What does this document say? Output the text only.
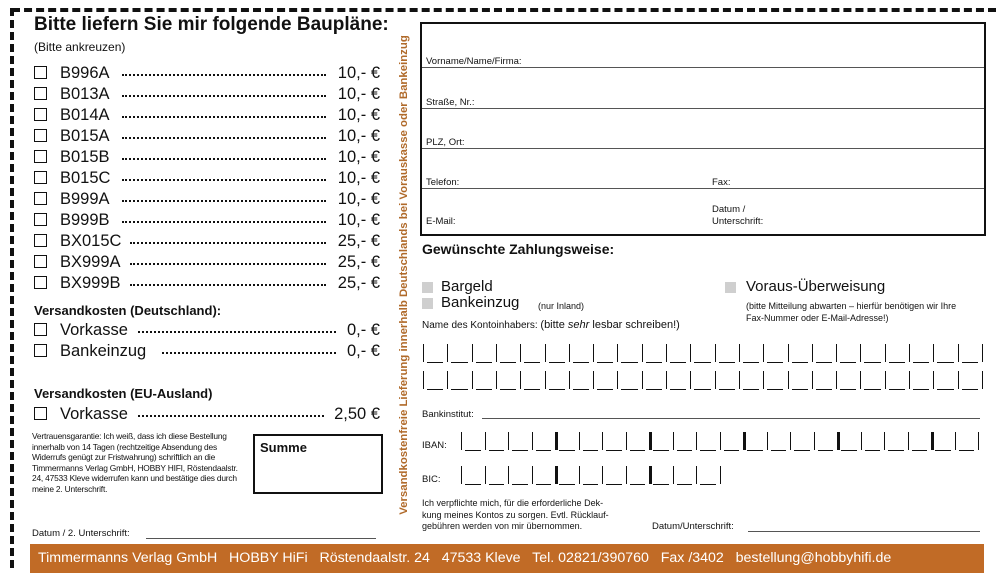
Bitte liefern Sie mir folgende Baupläne:
(Bitte ankreuzen)
B996A	10,- €
B013A	10,- €
B014A	10,- €
B015A	10,- €
B015B	10,- €
B015C	10,- €
B999A	10,- €
B999B	10,- €
BX015C	25,- €
BX999A	25,- €
BX999B	25,- €
Versandkosten (Deutschland):
Vorkasse	0,- €
Bankeinzug	0,- €
Versandkosten (EU-Ausland)
Vorkasse	2,50 €
Vertrauensgarantie: Ich weiß, dass ich diese Bestellung innerhalb von 14 Tagen (rechtzeitige Absendung des Widerrufs genügt zur Fristwahrung) schriftlich an die Timmermanns Verlag GmbH, HOBBY HIFI, Röstendaalstr. 24, 47533 Kleve widerrufen kann und bestätige dies durch meine 2. Unterschrift.
Summe
Datum / 2. Unterschrift:
Versandkostenfreie Lieferung innerhalb Deutschlands bei Vorauskasse oder Bankeinzug Vorname/Name/Firma:
Straße, Nr.:
PLZ, Ort:
Telefon:	Fax:
E-Mail:
Datum /
Unterschrift:
Gewünschte Zahlungsweise:
Bargeld
Bankeinzug (nur Inland)
Voraus-Überweisung
(bitte Mitteilung abwarten – hierfür benötigen wir Ihre
Fax-Nummer oder E-Mail-Adresse!)
Name des Kontoinhabers: (bitte sehr lesbar schreiben!)
Bankinstitut:
IBAN:
BIC:
Ich verpflichte mich, für die erforderliche Dek-
kung meines Kontos zu sorgen. Evtl. Rücklauf-
gebühren werden von mir übernommen.	Datum/Unterschrift:
Timmermanns Verlag GmbH   HOBBY HiFi   Röstendaalstr. 24   47533 Kleve   Tel. 02821/390760   Fax /3402   bestellung@hobbyhifi.de
